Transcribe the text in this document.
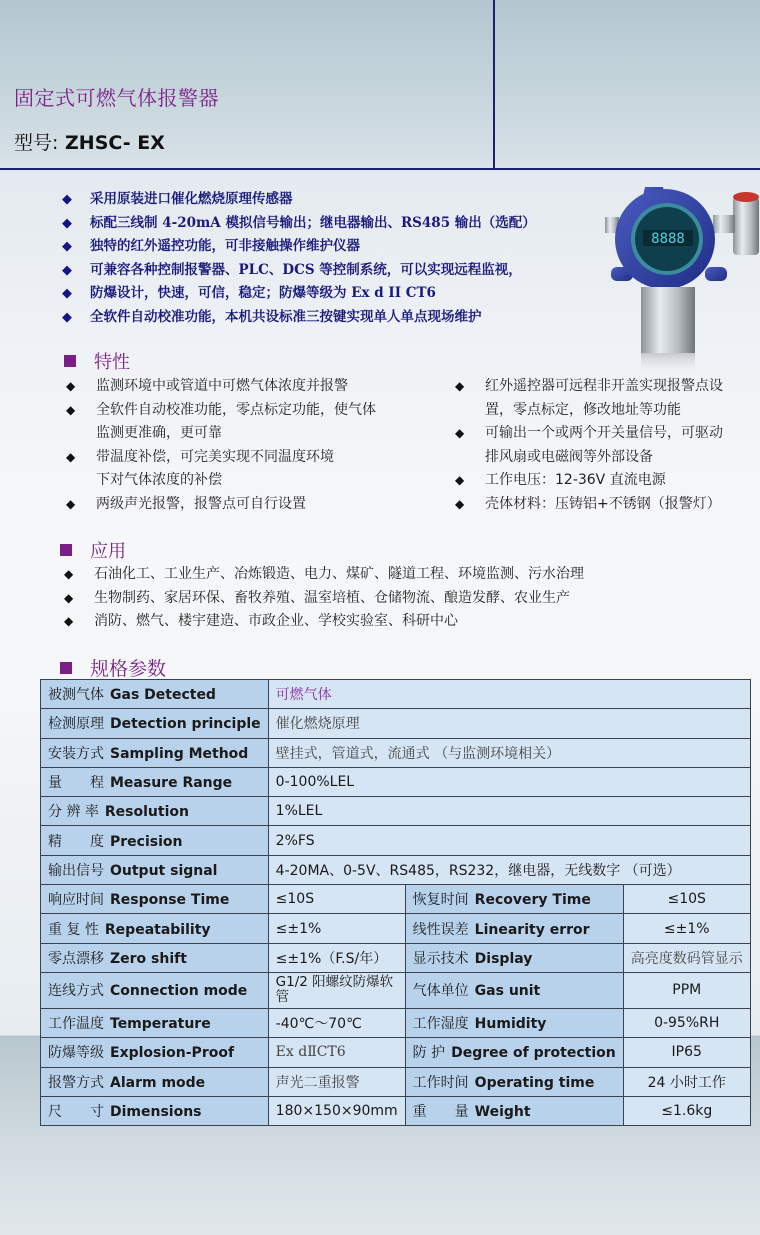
固定式可燃气体报警器
型号: ZHSC- EX
◆ 采用原装进口催化燃烧原理传感器
◆ 标配三线制 4-20mA 模拟信号输出；继电器输出、RS485 输出（选配）
◆ 独特的红外遥控功能，可非接触操作维护仪器
◆ 可兼容各种控制报警器、PLC、DCS 等控制系统，可以实现远程监视，
◆ 防爆设计，快速，可信，稳定；防爆等级为 Ex d II CT6
◆ 全软件自动校准功能，本机共设标准三按键实现单人单点现场维护
8888
特性
◆ 监测环境中或管道中可燃气体浓度并报警
◆ 全软件自动校准功能，零点标定功能，使气体
监测更准确，更可靠
◆ 带温度补偿，可完美实现不同温度环境
下对气体浓度的补偿
◆ 两级声光报警，报警点可自行设置
◆ 红外遥控器可远程非开盖实现报警点设
置，零点标定，修改地址等功能
◆ 可输出一个或两个开关量信号，可驱动
排风扇或电磁阀等外部设备
◆ 工作电压：12-36V 直流电源
◆ 壳体材料：压铸铝+不锈钢（报警灯）
应用
◆ 石油化工、工业生产、冶炼锻造、电力、煤矿、隧道工程、环境监测、污水治理
◆ 生物制药、家居环保、畜牧养殖、温室培植、仓储物流、酿造发酵、农业生产
◆ 消防、燃气、楼宇建造、市政企业、学校实验室、科研中心
规格参数
被测气体 Gas Detected	可燃气体		
检测原理 Detection principle	催化燃烧原理		
安装方式 Sampling Method	壁挂式，管道式，流通式 （与监测环境相关）		
量　　程 Measure Range	0-100%LEL		
分 辨 率 Resolution	1%LEL		
精　　度 Precision	2%FS		
输出信号 Output signal	4-20MA、0-5V、RS485，RS232，继电器，无线数字 （可选）		
响应时间 Response Time	≤10S	恢复时间 Recovery Time	≤10S
重 复 性 Repeatability	≤±1%	线性误差 Linearity error	≤±1%
零点漂移 Zero shift	≤±1%（F.S/年）	显示技术 Display	高亮度数码管显示
连线方式 Connection mode	G1/2 阳螺纹防爆软管	气体单位 Gas unit	PPM
工作温度 Temperature	-40℃～70℃	工作湿度 Humidity	0-95%RH
防爆等级 Explosion-Proof	Ex dⅡCT6	防 护 Degree of protection	IP65
报警方式 Alarm mode	声光二重报警	工作时间 Operating time	24 小时工作
尺　　寸 Dimensions	180×150×90mm	重　　量 Weight	≤1.6kg
